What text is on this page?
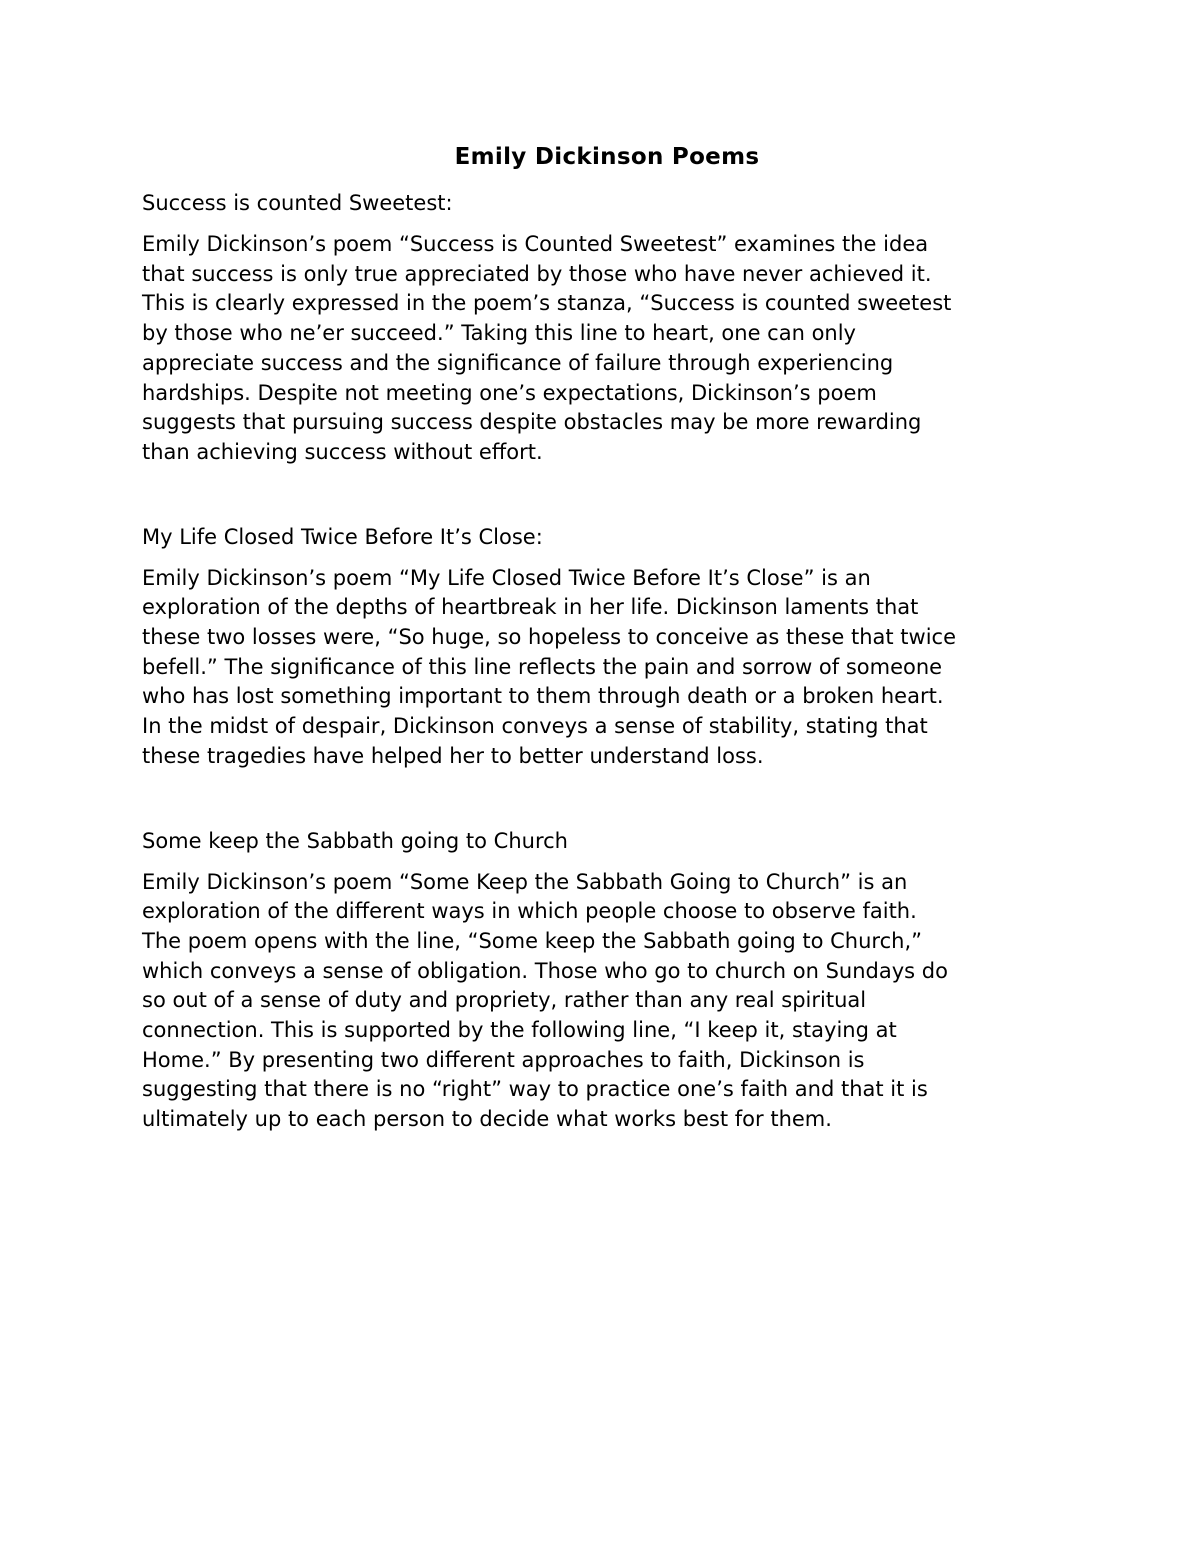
Emily Dickinson Poems

Success is counted Sweetest:

Emily Dickinson’s poem “Success is Counted Sweetest” examines the idea
that success is only true appreciated by those who have never achieved it.
This is clearly expressed in the poem’s stanza, “Success is counted sweetest
by those who ne’er succeed.” Taking this line to heart, one can only
appreciate success and the significance of failure through experiencing
hardships. Despite not meeting one’s expectations, Dickinson’s poem
suggests that pursuing success despite obstacles may be more rewarding
than achieving success without effort.

My Life Closed Twice Before It’s Close:

Emily Dickinson’s poem “My Life Closed Twice Before It’s Close” is an
exploration of the depths of heartbreak in her life. Dickinson laments that
these two losses were, “So huge, so hopeless to conceive as these that twice
befell.” The significance of this line reflects the pain and sorrow of someone
who has lost something important to them through death or a broken heart.
In the midst of despair, Dickinson conveys a sense of stability, stating that
these tragedies have helped her to better understand loss.

Some keep the Sabbath going to Church

Emily Dickinson’s poem “Some Keep the Sabbath Going to Church” is an
exploration of the different ways in which people choose to observe faith.
The poem opens with the line, “Some keep the Sabbath going to Church,”
which conveys a sense of obligation. Those who go to church on Sundays do
so out of a sense of duty and propriety, rather than any real spiritual
connection. This is supported by the following line, “I keep it, staying at
Home.” By presenting two different approaches to faith, Dickinson is
suggesting that there is no “right” way to practice one’s faith and that it is
ultimately up to each person to decide what works best for them.
